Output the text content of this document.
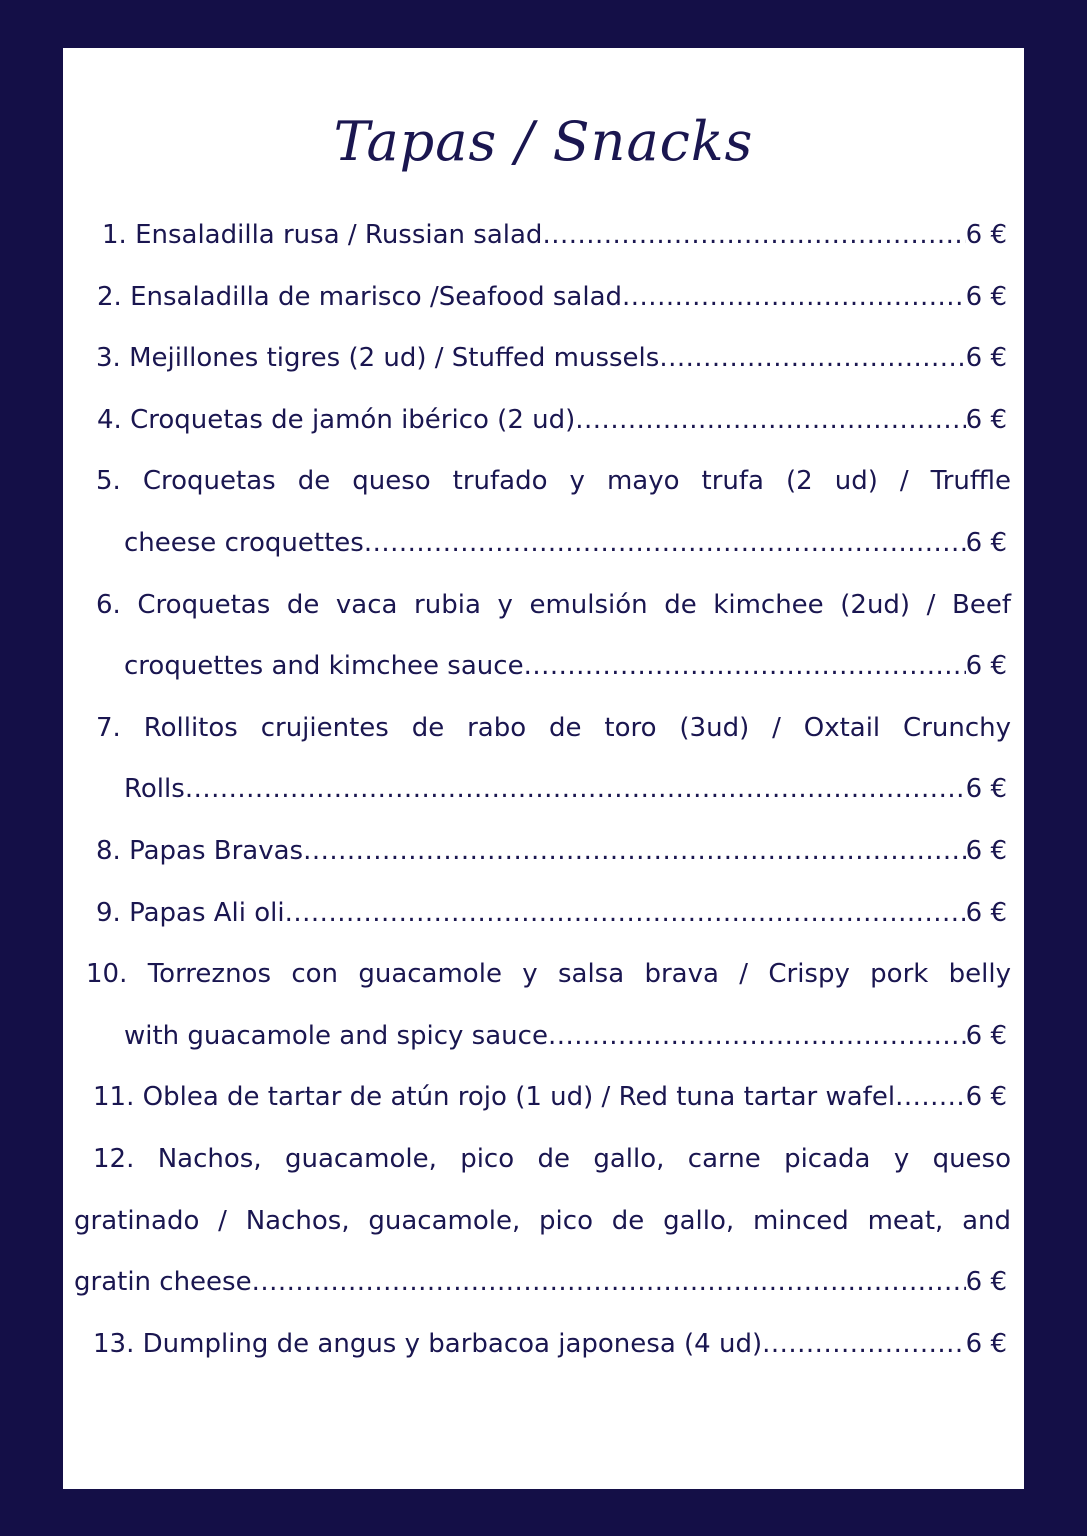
Tapas / Snacks
1.
Ensaladilla rusa / Russian salad .....	6 €
2.
Ensaladilla de marisco /Seafood salad .....	6 €
3.
Mejillones tigres (2 ud) / Stuffed mussels .....	6 €
4.
Croquetas de jamón ibérico (2 ud) .....	6 €
5. Croquetas de queso trufado y mayo trufa (2 ud) / Truffle
cheese croquettes .....	6 €
6. Croquetas de vaca rubia y emulsión de kimchee (2ud) / Beef
croquettes and kimchee sauce .....	6 €
7. Rollitos crujientes de rabo de toro (3ud) / Oxtail Crunchy
Rolls .....	6 €
8.
Papas Bravas .....	6 €
9.
Papas Ali oli .....	6 €
10. Torreznos con guacamole y salsa brava / Crispy pork belly
with guacamole and spicy sauce .....	6 €
11.
Oblea de tartar de atún rojo (1 ud) / Red tuna tartar wafel .....	6 €
12. Nachos, guacamole, pico de gallo, carne picada y queso
gratinado / Nachos, guacamole, pico de gallo, minced meat, and
gratin cheese .....	6 €
13.
Dumpling de angus y barbacoa japonesa (4 ud) .....	6 €
